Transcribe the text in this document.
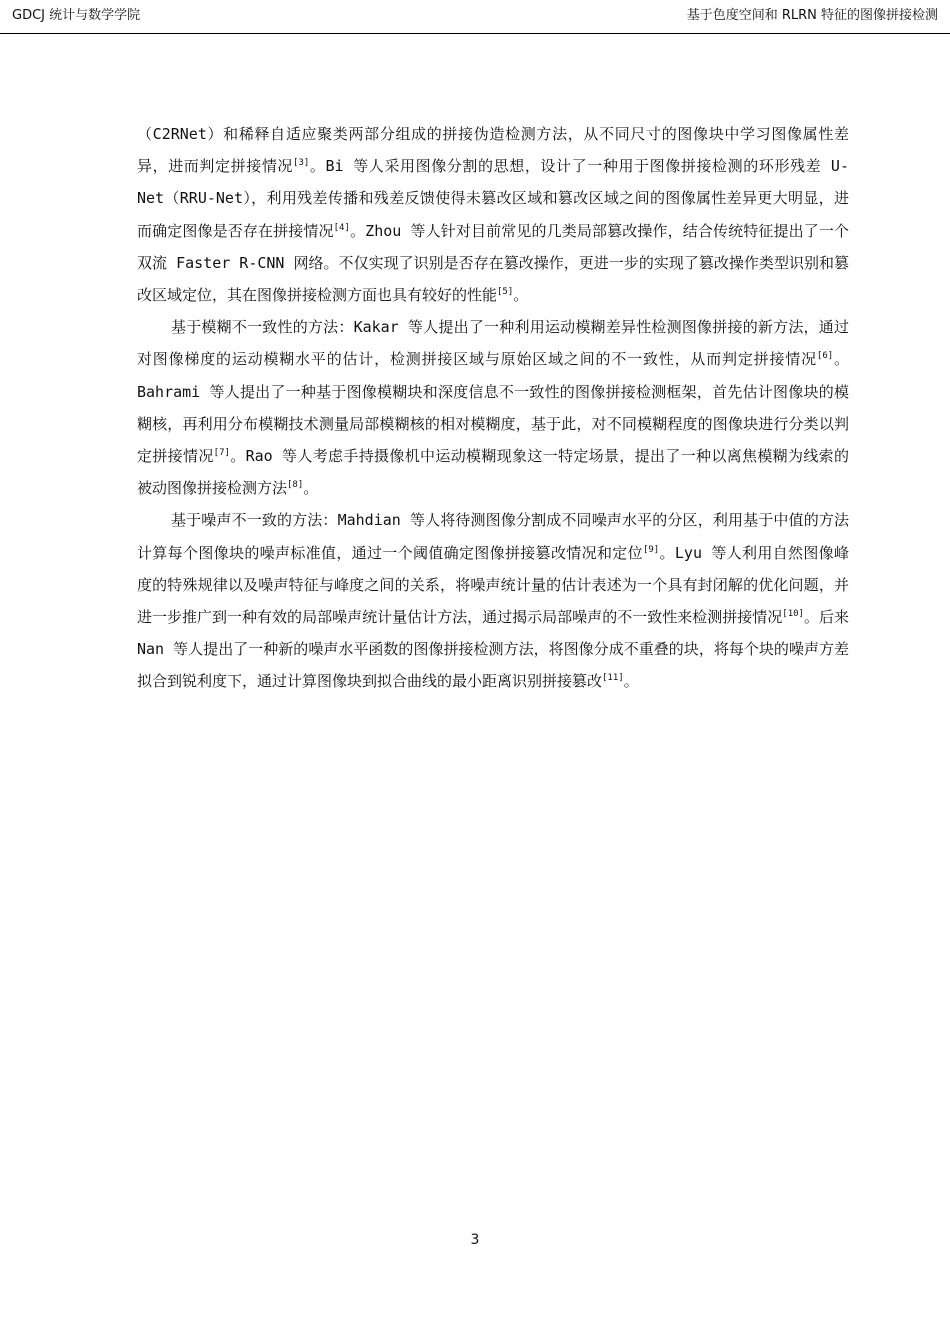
GDCJ 统计与数学学院	基于色度空间和 RLRN 特征的图像拼接检测

（C2RNet）和稀释自适应聚类两部分组成的拼接伪造检测方法，从不同尺寸的图像块中学习图像属性差异，进而判定拼接情况[3]。Bi 等人采用图像分割的思想，设计了一种用于图像拼接检测的环形残差 U-Net（RRU-Net），利用残差传播和残差反馈使得未篡改区域和篡改区域之间的图像属性差异更大明显，进而确定图像是否存在拼接情况[4]。Zhou 等人针对目前常见的几类局部篡改操作，结合传统特征提出了一个双流 Faster R-CNN 网络。不仅实现了识别是否存在篡改操作，更进一步的实现了篡改操作类型识别和篡改区域定位，其在图像拼接检测方面也具有较好的性能[5]。

基于模糊不一致性的方法：Kakar 等人提出了一种利用运动模糊差异性检测图像拼接的新方法，通过对图像梯度的运动模糊水平的估计，检测拼接区域与原始区域之间的不一致性，从而判定拼接情况[6]。Bahrami 等人提出了一种基于图像模糊块和深度信息不一致性的图像拼接检测框架，首先估计图像块的模糊核，再利用分布模糊技术测量局部模糊核的相对模糊度，基于此，对不同模糊程度的图像块进行分类以判定拼接情况[7]。Rao 等人考虑手持摄像机中运动模糊现象这一特定场景，提出了一种以离焦模糊为线索的被动图像拼接检测方法[8]。

基于噪声不一致的方法：Mahdian 等人将待测图像分割成不同噪声水平的分区，利用基于中值的方法计算每个图像块的噪声标准值，通过一个阈值确定图像拼接篡改情况和定位[9]。Lyu 等人利用自然图像峰度的特殊规律以及噪声特征与峰度之间的关系，将噪声统计量的估计表述为一个具有封闭解的优化问题，并进一步推广到一种有效的局部噪声统计量估计方法，通过揭示局部噪声的不一致性来检测拼接情况[10]。后来 Nan 等人提出了一种新的噪声水平函数的图像拼接检测方法，将图像分成不重叠的块，将每个块的噪声方差拟合到锐利度下，通过计算图像块到拟合曲线的最小距离识别拼接篡改[11]。

3
